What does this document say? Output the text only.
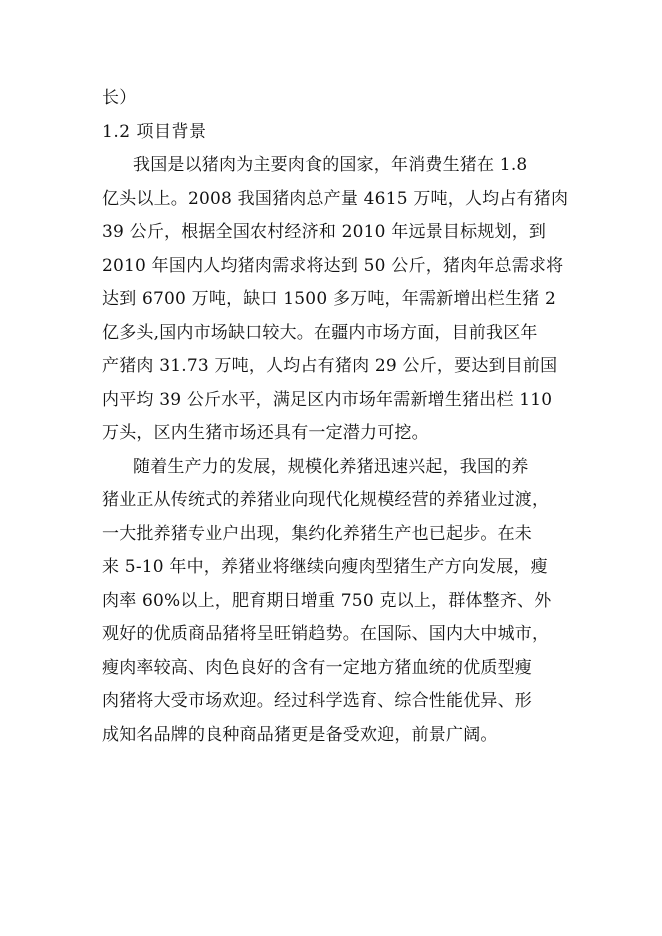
长）
1.2 项目背景
我国是以猪肉为主要肉食的国家，年消费生猪在 1.8
亿头以上。2008 我国猪肉总产量 4615 万吨，人均占有猪肉
39 公斤，根据全国农村经济和 2010 年远景目标规划，到
2010 年国内人均猪肉需求将达到 50 公斤，猪肉年总需求将
达到 6700 万吨，缺口 1500 多万吨，年需新增出栏生猪 2
亿多头,国内市场缺口较大。在疆内市场方面，目前我区年
产猪肉 31.73 万吨，人均占有猪肉 29 公斤，要达到目前国
内平均 39 公斤水平，满足区内市场年需新增生猪出栏 110
万头，区内生猪市场还具有一定潜力可挖。
随着生产力的发展，规模化养猪迅速兴起，我国的养
猪业正从传统式的养猪业向现代化规模经营的养猪业过渡，
一大批养猪专业户出现，集约化养猪生产也已起步。在未
来 5-10 年中，养猪业将继续向瘦肉型猪生产方向发展，瘦
肉率 60%以上，肥育期日增重 750 克以上，群体整齐、外
观好的优质商品猪将呈旺销趋势。在国际、国内大中城市，
瘦肉率较高、肉色良好的含有一定地方猪血统的优质型瘦
肉猪将大受市场欢迎。经过科学选育、综合性能优异、形
成知名品牌的良种商品猪更是备受欢迎，前景广阔。
